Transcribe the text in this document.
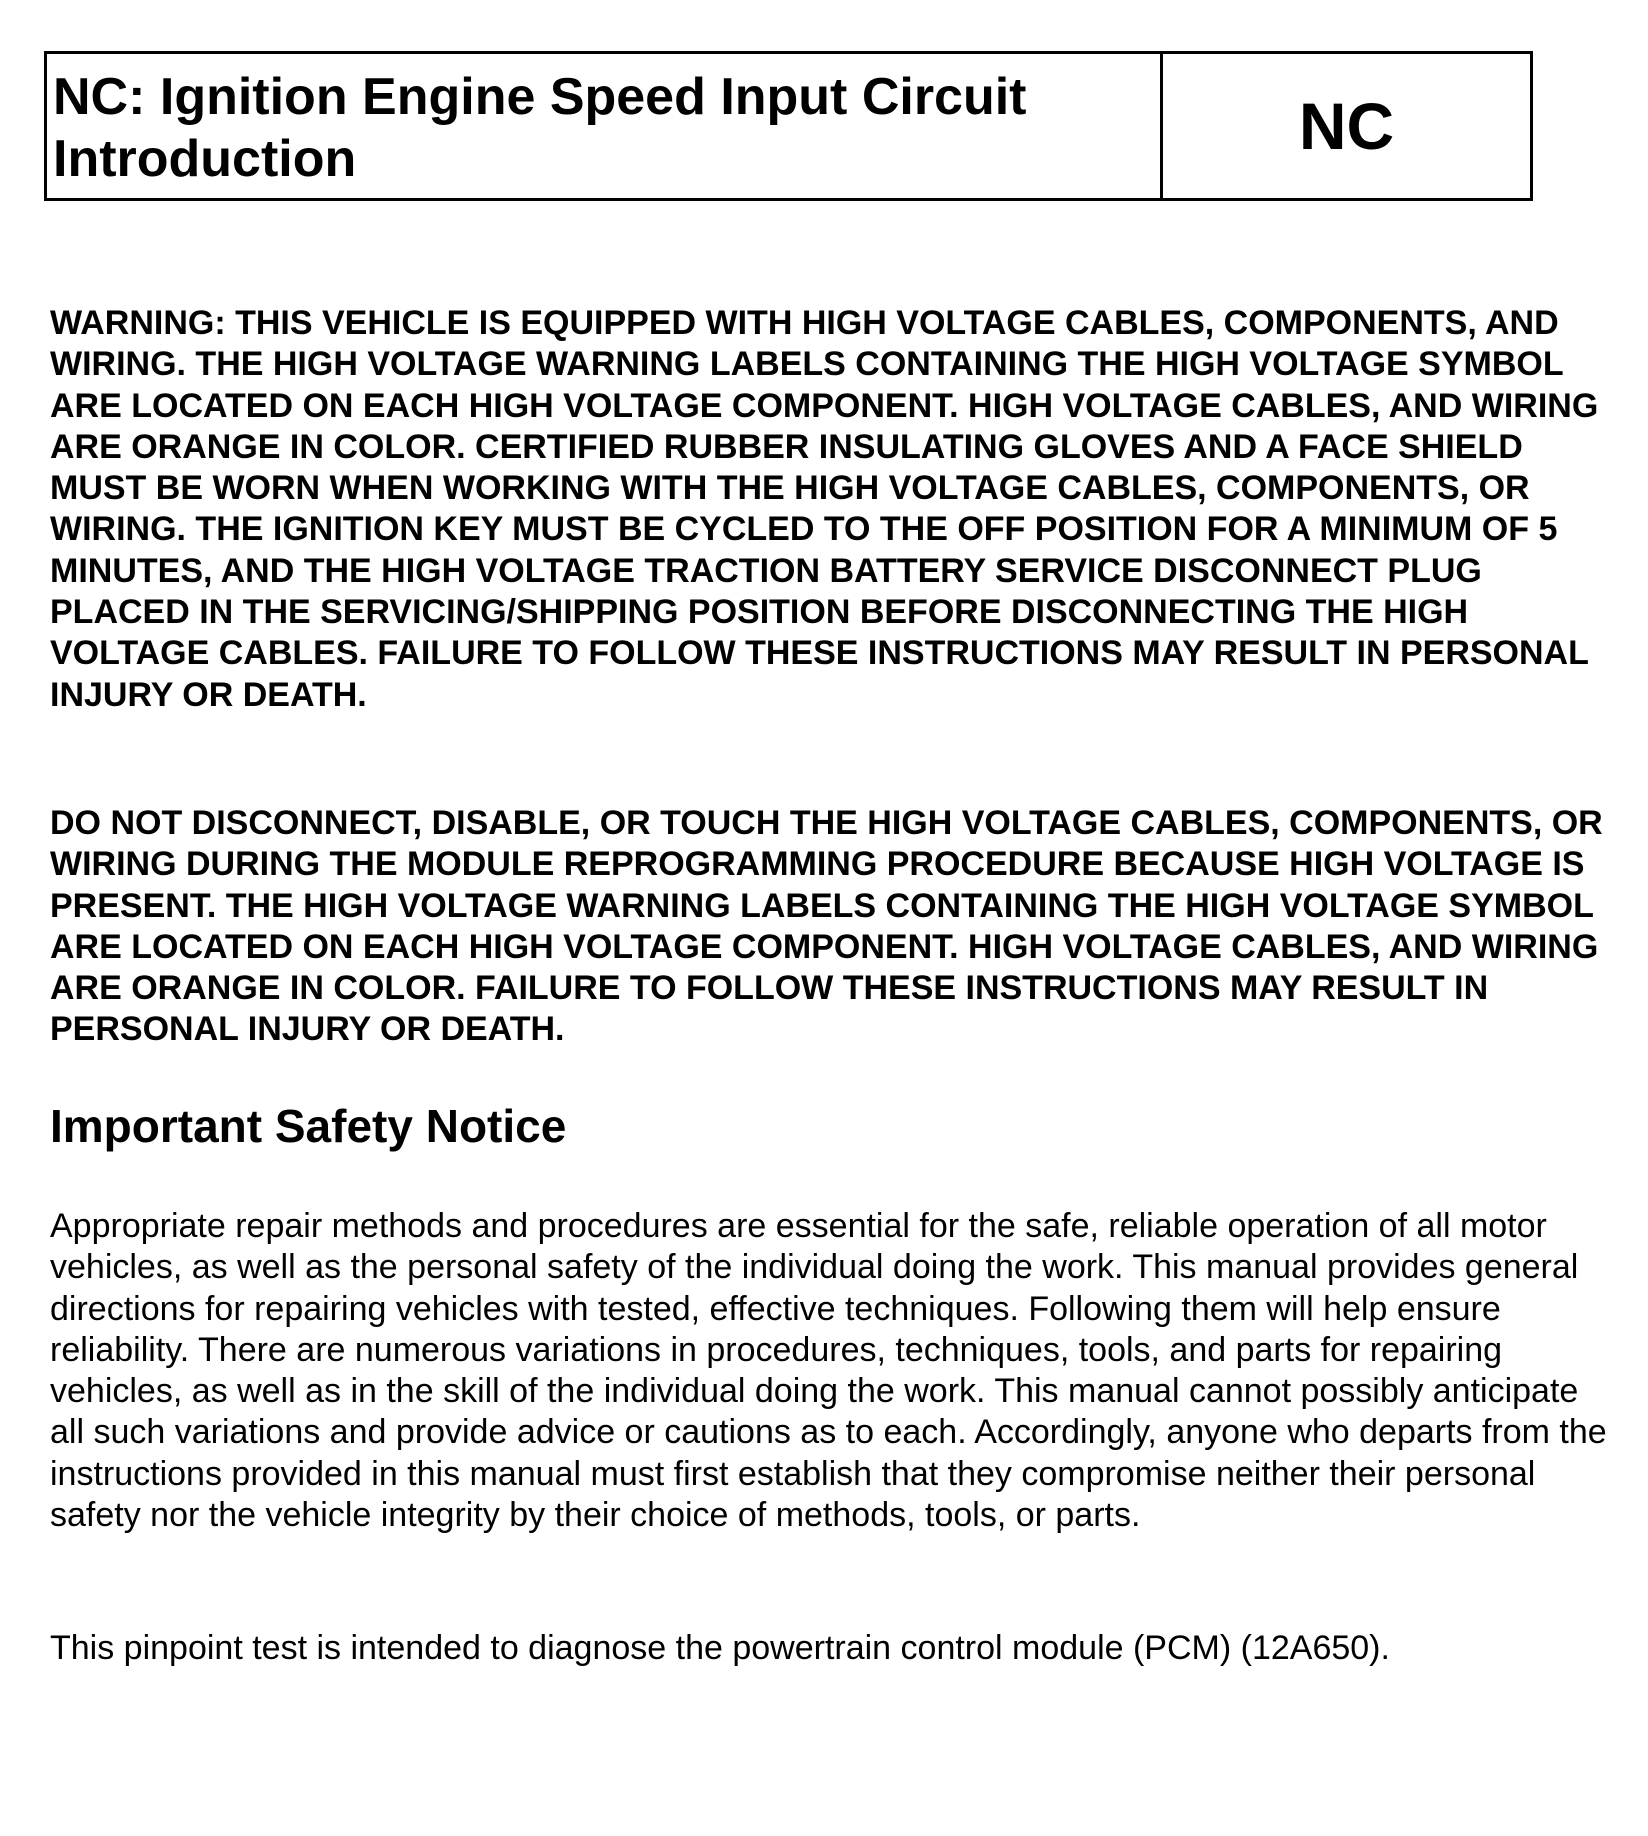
NC: Ignition Engine Speed Input Circuit
Introduction	NC

WARNING: THIS VEHICLE IS EQUIPPED WITH HIGH VOLTAGE CABLES, COMPONENTS, AND WIRING. THE HIGH VOLTAGE WARNING LABELS CONTAINING THE HIGH VOLTAGE SYMBOL ARE LOCATED ON EACH HIGH VOLTAGE COMPONENT. HIGH VOLTAGE CABLES, AND WIRING ARE ORANGE IN COLOR. CERTIFIED RUBBER INSULATING GLOVES AND A FACE SHIELD MUST BE WORN WHEN WORKING WITH THE HIGH VOLTAGE CABLES, COMPONENTS, OR WIRING. THE IGNITION KEY MUST BE CYCLED TO THE OFF POSITION FOR A MINIMUM OF 5 MINUTES, AND THE HIGH VOLTAGE TRACTION BATTERY SERVICE DISCONNECT PLUG PLACED IN THE SERVICING/SHIPPING POSITION BEFORE DISCONNECTING THE HIGH VOLTAGE CABLES. FAILURE TO FOLLOW THESE INSTRUCTIONS MAY RESULT IN PERSONAL INJURY OR DEATH.

DO NOT DISCONNECT, DISABLE, OR TOUCH THE HIGH VOLTAGE CABLES, COMPONENTS, OR WIRING DURING THE MODULE REPROGRAMMING PROCEDURE BECAUSE HIGH VOLTAGE IS PRESENT. THE HIGH VOLTAGE WARNING LABELS CONTAINING THE HIGH VOLTAGE SYMBOL ARE LOCATED ON EACH HIGH VOLTAGE COMPONENT. HIGH VOLTAGE CABLES, AND WIRING ARE ORANGE IN COLOR. FAILURE TO FOLLOW THESE INSTRUCTIONS MAY RESULT IN PERSONAL INJURY OR DEATH.

Important Safety Notice

Appropriate repair methods and procedures are essential for the safe, reliable operation of all motor vehicles, as well as the personal safety of the individual doing the work. This manual provides general directions for repairing vehicles with tested, effective techniques. Following them will help ensure reliability. There are numerous variations in procedures, techniques, tools, and parts for repairing vehicles, as well as in the skill of the individual doing the work. This manual cannot possibly anticipate all such variations and provide advice or cautions as to each. Accordingly, anyone who departs from the instructions provided in this manual must first establish that they compromise neither their personal safety nor the vehicle integrity by their choice of methods, tools, or parts.

This pinpoint test is intended to diagnose the powertrain control module (PCM) (12A650).
